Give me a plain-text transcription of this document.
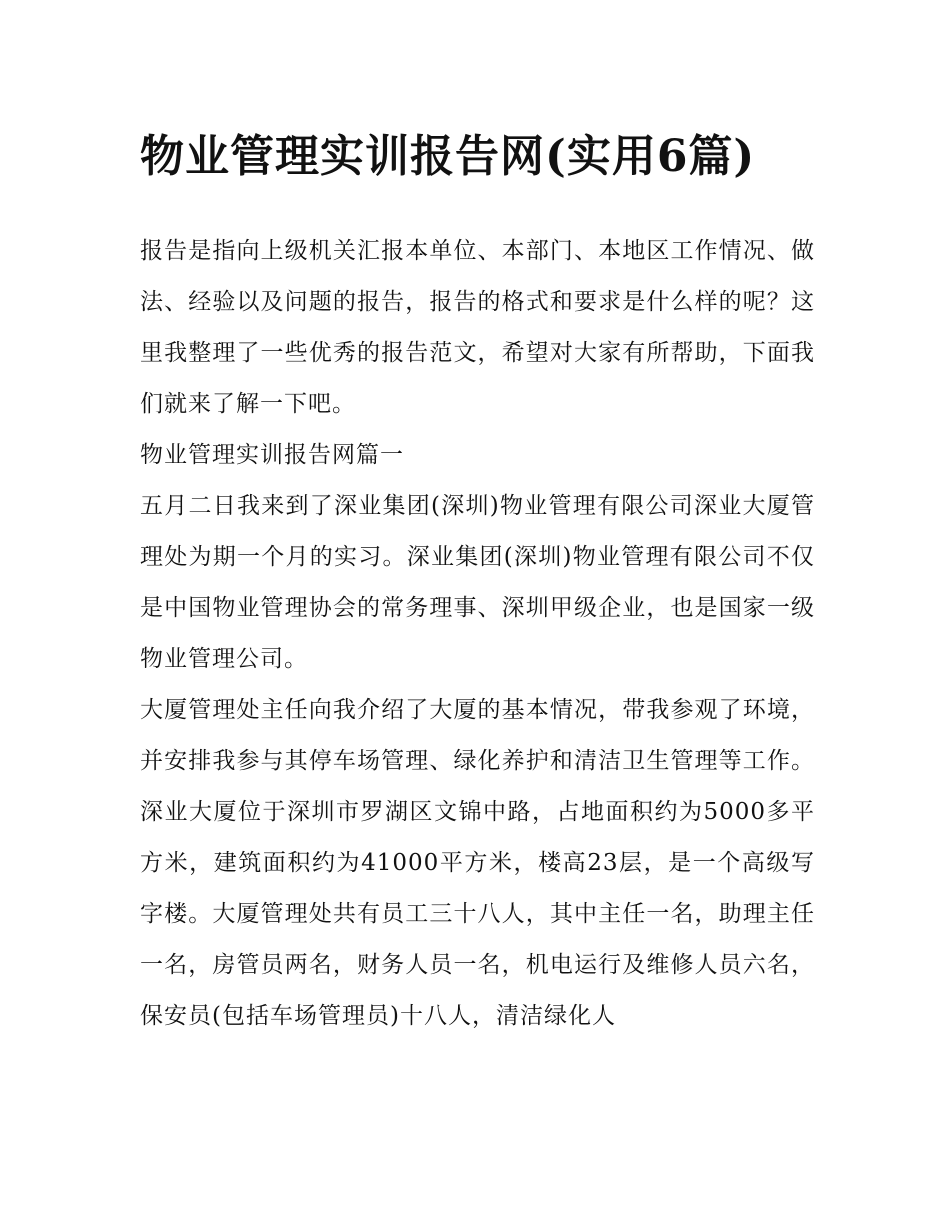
物业管理实训报告网(实用6篇)

报告是指向上级机关汇报本单位、本部门、本地区工作情况、做法、经验以及问题的报告，报告的格式和要求是什么样的呢？这里我整理了一些优秀的报告范文，希望对大家有所帮助，下面我们就来了解一下吧。

物业管理实训报告网篇一

五月二日我来到了深业集团(深圳)物业管理有限公司深业大厦管理处为期一个月的实习。深业集团(深圳)物业管理有限公司不仅是中国物业管理协会的常务理事、深圳甲级企业，也是国家一级物业管理公司。

大厦管理处主任向我介绍了大厦的基本情况，带我参观了环境，并安排我参与其停车场管理、绿化养护和清洁卫生管理等工作。深业大厦位于深圳市罗湖区文锦中路，占地面积约为5000多平方米，建筑面积约为41000平方米，楼高23层，是一个高级写字楼。大厦管理处共有员工三十八人，其中主任一名，助理主任一名，房管员两名，财务人员一名，机电运行及维修人员六名，保安员(包括车场管理员)十八人，清洁绿化人
